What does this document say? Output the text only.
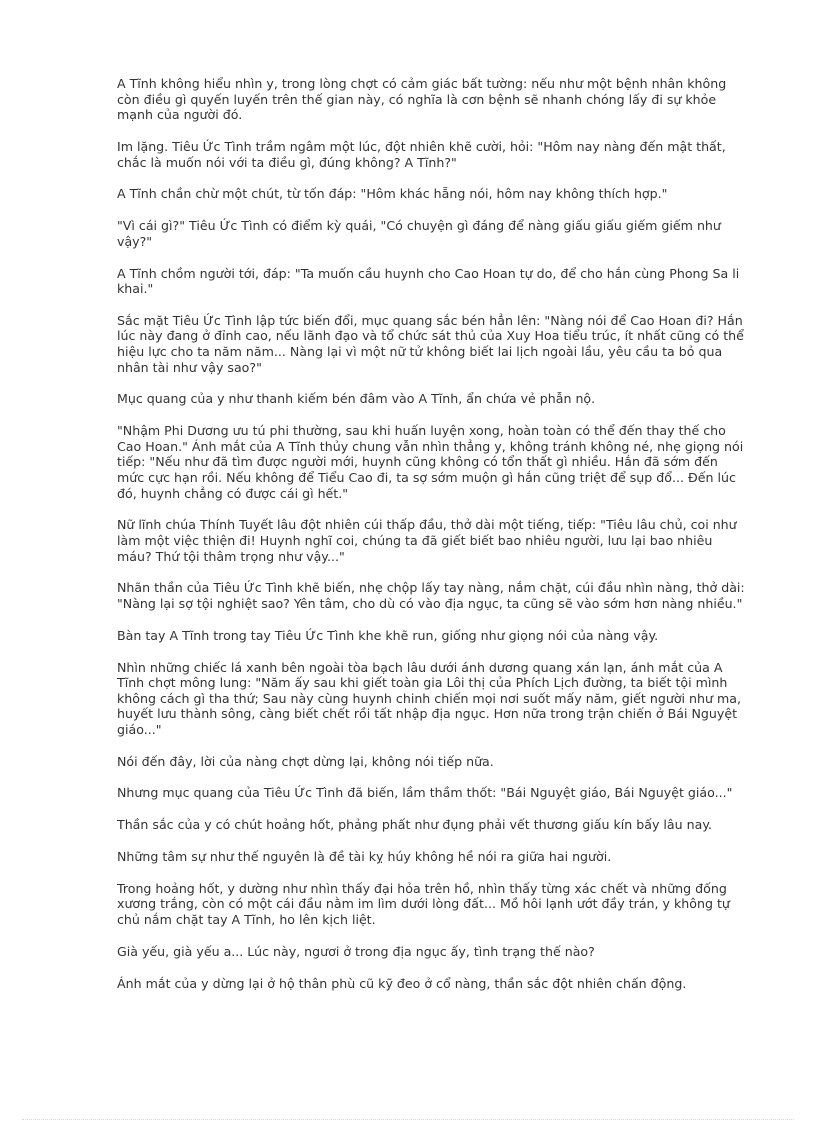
A Tĩnh không hiểu nhìn y, trong lòng chợt có cảm giác bất tường: nếu như một bệnh nhân không còn điều gì quyến luyến trên thế gian này, có nghĩa là cơn bệnh sẽ nhanh chóng lấy đi sự khỏe mạnh của người đó.

Im lặng. Tiêu Ức Tình trầm ngâm một lúc, đột nhiên khẽ cười, hỏi: "Hôm nay nàng đến mật thất, chắc là muốn nói với ta điều gì, đúng không? A Tĩnh?"

A Tĩnh chần chừ một chút, từ tốn đáp: "Hôm khác hẵng nói, hôm nay không thích hợp."

"Vì cái gì?" Tiêu Ức Tình có điểm kỳ quái, "Có chuyện gì đáng để nàng giấu giấu giếm giếm như vậy?"

A Tĩnh chồm người tới, đáp: "Ta muốn cầu huynh cho Cao Hoan tự do, để cho hắn cùng Phong Sa li khai."

Sắc mặt Tiêu Ức Tình lập tức biến đổi, mục quang sắc bén hẳn lên: "Nàng nói để Cao Hoan đi? Hắn lúc này đang ở đỉnh cao, nếu lãnh đạo và tổ chức sát thủ của Xuy Hoa tiểu trúc, ít nhất cũng có thể hiệu lực cho ta năm năm... Nàng lại vì một nữ tử không biết lai lịch ngoài lầu, yêu cầu ta bỏ qua nhân tài như vậy sao?"

Mục quang của y như thanh kiếm bén đâm vào A Tĩnh, ẩn chứa vẻ phẫn nộ.

"Nhậm Phi Dương ưu tú phi thường, sau khi huấn luyện xong, hoàn toàn có thể đến thay thế cho Cao Hoan." Ánh mắt của A Tĩnh thủy chung vẫn nhìn thẳng y, không tránh không né, nhẹ giọng nói tiếp: "Nếu như đã tìm được người mới, huynh cũng không có tổn thất gì nhiều. Hắn đã sớm đến mức cực hạn rồi. Nếu không để Tiểu Cao đi, ta sợ sớm muộn gì hắn cũng triệt để sụp đổ... Đến lúc đó, huynh chẳng có được cái gì hết."

Nữ lĩnh chúa Thính Tuyết lâu đột nhiên cúi thấp đầu, thở dài một tiếng, tiếp: "Tiêu lâu chủ, coi như làm một việc thiện đi! Huynh nghĩ coi, chúng ta đã giết biết bao nhiêu người, lưu lại bao nhiêu máu? Thứ tội thâm trọng như vậy..."

Nhãn thần của Tiêu Ức Tình khẽ biến, nhẹ chộp lấy tay nàng, nắm chặt, cúi đầu nhìn nàng, thở dài: "Nàng lại sợ tội nghiệt sao? Yên tâm, cho dù có vào địa ngục, ta cũng sẽ vào sớm hơn nàng nhiều."

Bàn tay A Tĩnh trong tay Tiêu Ức Tình khe khẽ run, giống như giọng nói của nàng vậy.

Nhìn những chiếc lá xanh bên ngoài tòa bạch lâu dưới ánh dương quang xán lạn, ánh mắt của A Tĩnh chợt mông lung: "Năm ấy sau khi giết toàn gia Lôi thị của Phích Lịch đường, ta biết tội mình không cách gì tha thứ; Sau này cùng huynh chinh chiến mọi nơi suốt mấy năm, giết người như ma, huyết lưu thành sông, càng biết chết rồi tất nhập địa ngục. Hơn nữa trong trận chiến ở Bái Nguyệt giáo..."

Nói đến đây, lời của nàng chợt dừng lại, không nói tiếp nữa.

Nhưng mục quang của Tiêu Ức Tình đã biến, lầm thầm thốt: "Bái Nguyệt giáo, Bái Nguyệt giáo..."

Thần sắc của y có chút hoảng hốt, phảng phất như đụng phải vết thương giấu kín bấy lâu nay.

Những tâm sự như thế nguyên là đề tài kỵ húy không hề nói ra giữa hai người.

Trong hoảng hốt, y dường như nhìn thấy đại hỏa trên hồ, nhìn thấy từng xác chết và những đống xương trắng, còn có một cái đầu nằm im lìm dưới lòng đất... Mồ hôi lạnh ướt đầy trán, y không tự chủ nắm chặt tay A Tĩnh, ho lên kịch liệt.

Già yếu, già yếu a... Lúc này, ngươi ở trong địa ngục ấy, tình trạng thế nào?

Ánh mắt của y dừng lại ở hộ thân phù cũ kỹ đeo ở cổ nàng, thần sắc đột nhiên chấn động.
